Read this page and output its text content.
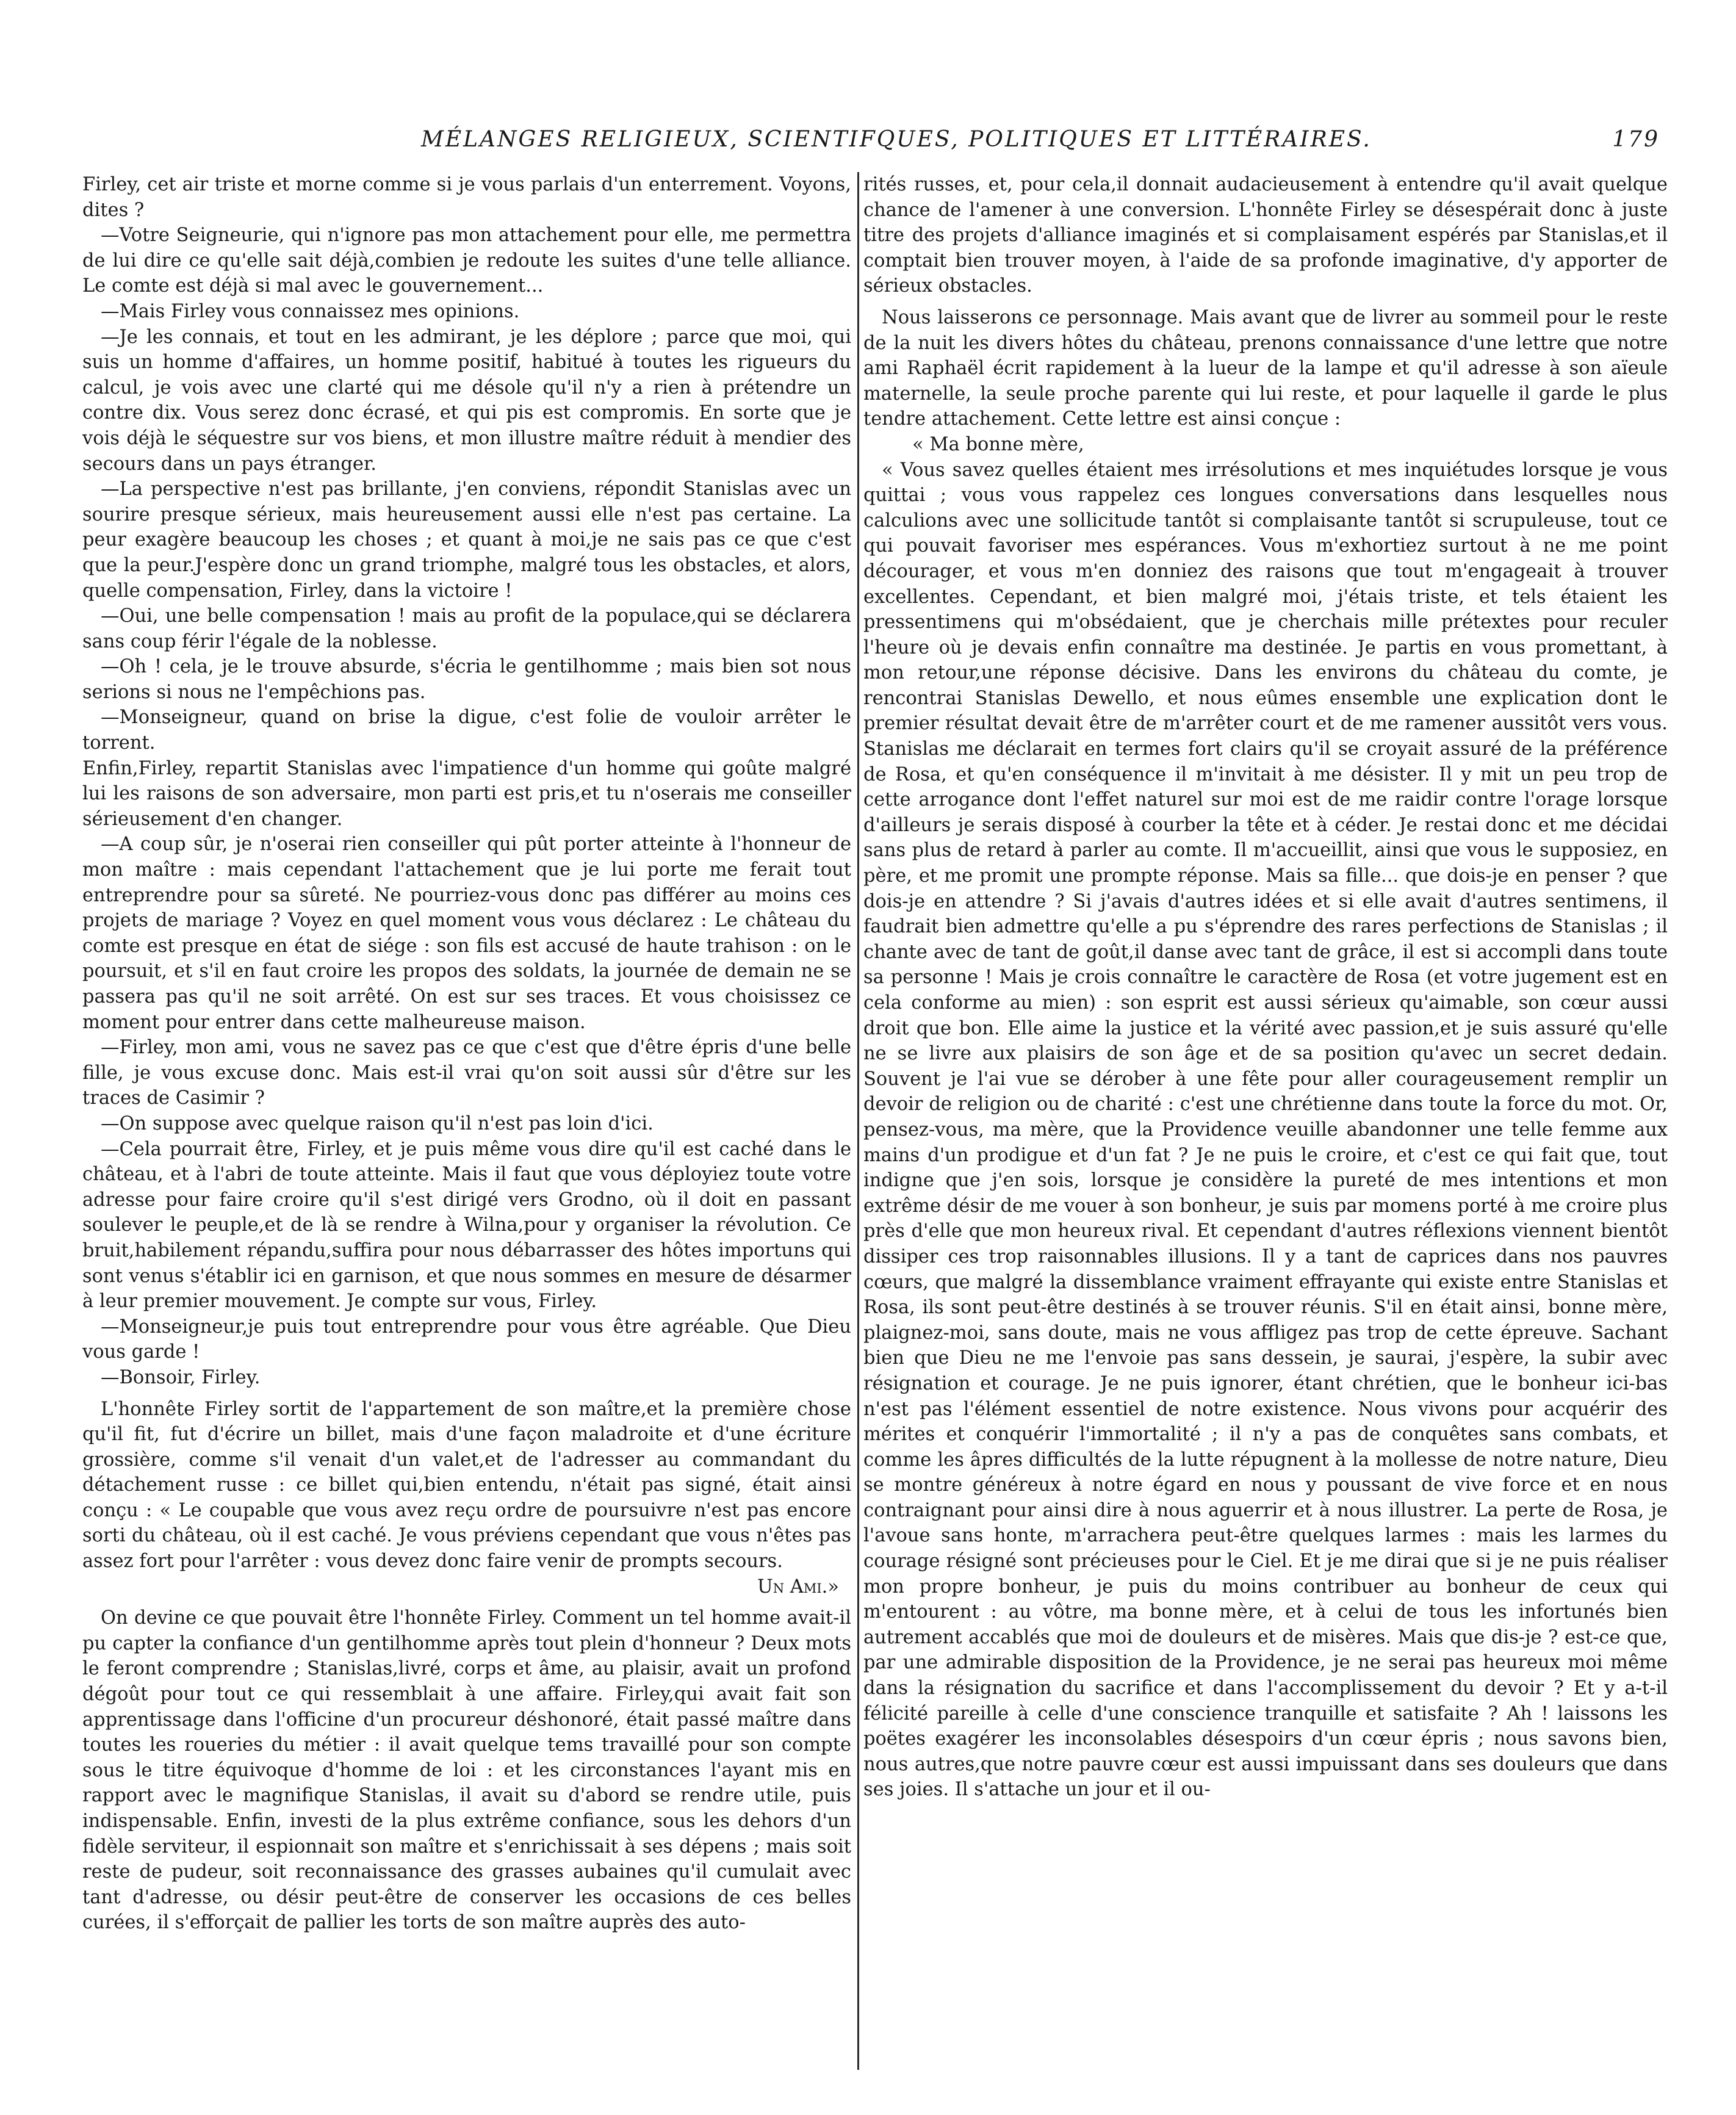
MÉLANGES RELIGIEUX, SCIENTIFQUES, POLITIQUES ET LITTÉRAIRES.	179

Firley, cet air triste et morne comme si je vous parlais d'un enterrement. Voyons, dites ?

—Votre Seigneurie, qui n'ignore pas mon attachement pour elle, me permettra de lui dire ce qu'elle sait déjà,combien je redoute les suites d'une telle alliance. Le comte est déjà si mal avec le gouvernement...

—Mais Firley vous connaissez mes opinions.

—Je les connais, et tout en les admirant, je les déplore ; parce que moi, qui suis un homme d'affaires, un homme positif, habitué à toutes les rigueurs du calcul, je vois avec une clarté qui me désole qu'il n'y a rien à prétendre un contre dix. Vous serez donc écrasé, et qui pis est compromis. En sorte que je vois déjà le séquestre sur vos biens, et mon illustre maître réduit à mendier des secours dans un pays étranger.

—La perspective n'est pas brillante, j'en conviens, répondit Stanislas avec un sourire presque sérieux, mais heureusement aussi elle n'est pas certaine. La peur exagère beaucoup les choses ; et quant à moi,je ne sais pas ce que c'est que la peur.J'espère donc un grand triomphe, malgré tous les obstacles, et alors, quelle compensation, Firley, dans la victoire !

—Oui, une belle compensation ! mais au profit de la populace,qui se déclarera sans coup férir l'égale de la noblesse.

—Oh ! cela, je le trouve absurde, s'écria le gentilhomme ; mais bien sot nous serions si nous ne l'empêchions pas.

—Monseigneur, quand on brise la digue, c'est folie de vouloir arrêter le torrent.

Enfin,Firley, repartit Stanislas avec l'impatience d'un homme qui goûte malgré lui les raisons de son adversaire, mon parti est pris,et tu n'oserais me conseiller sérieusement d'en changer.

—A coup sûr, je n'oserai rien conseiller qui pût porter atteinte à l'honneur de mon maître : mais cependant l'attachement que je lui porte me ferait tout entreprendre pour sa sûreté. Ne pourriez-vous donc pas différer au moins ces projets de mariage ? Voyez en quel moment vous vous déclarez : Le château du comte est presque en état de siége : son fils est accusé de haute trahison : on le poursuit, et s'il en faut croire les propos des soldats, la journée de demain ne se passera pas qu'il ne soit arrêté. On est sur ses traces. Et vous choisissez ce moment pour entrer dans cette malheureuse maison.

—Firley, mon ami, vous ne savez pas ce que c'est que d'être épris d'une belle fille, je vous excuse donc. Mais est-il vrai qu'on soit aussi sûr d'être sur les traces de Casimir ?

—On suppose avec quelque raison qu'il n'est pas loin d'ici.

—Cela pourrait être, Firley, et je puis même vous dire qu'il est caché dans le château, et à l'abri de toute atteinte. Mais il faut que vous déployiez toute votre adresse pour faire croire qu'il s'est dirigé vers Grodno, où il doit en passant soulever le peuple,et de là se rendre à Wilna,pour y organiser la révolution. Ce bruit,habilement répandu,suffira pour nous débarrasser des hôtes importuns qui sont venus s'établir ici en garnison, et que nous sommes en mesure de désarmer à leur premier mouvement. Je compte sur vous, Firley.

—Monseigneur,je puis tout entreprendre pour vous être agréable. Que Dieu vous garde !

—Bonsoir, Firley.

L'honnête Firley sortit de l'appartement de son maître,et la première chose qu'il fit, fut d'écrire un billet, mais d'une façon maladroite et d'une écriture grossière, comme s'il venait d'un valet,et de l'adresser au commandant du détachement russe : ce billet qui,bien entendu, n'était pas signé, était ainsi conçu : « Le coupable que vous avez reçu ordre de poursuivre n'est pas encore sorti du château, où il est caché. Je vous préviens cependant que vous n'êtes pas assez fort pour l'arrêter : vous devez donc faire venir de prompts secours.

Un Ami.»

On devine ce que pouvait être l'honnête Firley. Comment un tel homme avait-il pu capter la confiance d'un gentilhomme après tout plein d'honneur ? Deux mots le feront comprendre ; Stanislas,livré, corps et âme, au plaisir, avait un profond dégoût pour tout ce qui ressemblait à une affaire. Firley,qui avait fait son apprentissage dans l'officine d'un procureur déshonoré, était passé maître dans toutes les roueries du métier : il avait quelque tems travaillé pour son compte sous le titre équivoque d'homme de loi : et les circonstances l'ayant mis en rapport avec le magnifique Stanislas, il avait su d'abord se rendre utile, puis indispensable. Enfin, investi de la plus extrême confiance, sous les dehors d'un fidèle serviteur, il espionnait son maître et s'enrichissait à ses dépens ; mais soit reste de pudeur, soit reconnaissance des grasses aubaines qu'il cumulait avec tant d'adresse, ou désir peut-être de conserver les occasions de ces belles curées, il s'efforçait de pallier les torts de son maître auprès des auto-

rités russes, et, pour cela,il donnait audacieusement à entendre qu'il avait quelque chance de l'amener à une conversion. L'honnête Firley se désespérait donc à juste titre des projets d'alliance imaginés et si complaisament espérés par Stanislas,et il comptait bien trouver moyen, à l'aide de sa profonde imaginative, d'y apporter de sérieux obstacles.

Nous laisserons ce personnage. Mais avant que de livrer au sommeil pour le reste de la nuit les divers hôtes du château, prenons connaissance d'une lettre que notre ami Raphaël écrit rapidement à la lueur de la lampe et qu'il adresse à son aïeule maternelle, la seule proche parente qui lui reste, et pour laquelle il garde le plus tendre attachement. Cette lettre est ainsi conçue :

« Ma bonne mère,

« Vous savez quelles étaient mes irrésolutions et mes inquiétudes lorsque je vous quittai ; vous vous rappelez ces longues conversations dans lesquelles nous calculions avec une sollicitude tantôt si complaisante tantôt si scrupuleuse, tout ce qui pouvait favoriser mes espérances. Vous m'exhortiez surtout à ne me point décourager, et vous m'en donniez des raisons que tout m'engageait à trouver excellentes. Cependant, et bien malgré moi, j'étais triste, et tels étaient les pressentimens qui m'obsédaient, que je cherchais mille prétextes pour reculer l'heure où je devais enfin connaître ma destinée. Je partis en vous promettant, à mon retour,une réponse décisive. Dans les environs du château du comte, je rencontrai Stanislas Dewello, et nous eûmes ensemble une explication dont le premier résultat devait être de m'arrêter court et de me ramener aussitôt vers vous. Stanislas me déclarait en termes fort clairs qu'il se croyait assuré de la préférence de Rosa, et qu'en conséquence il m'invitait à me désister. Il y mit un peu trop de cette arrogance dont l'effet naturel sur moi est de me raidir contre l'orage lorsque d'ailleurs je serais disposé à courber la tête et à céder. Je restai donc et me décidai sans plus de retard à parler au comte. Il m'accueillit, ainsi que vous le supposiez, en père, et me promit une prompte réponse. Mais sa fille... que dois-je en penser ? que dois-je en attendre ? Si j'avais d'autres idées et si elle avait d'autres sentimens, il faudrait bien admettre qu'elle a pu s'éprendre des rares perfections de Stanislas ; il chante avec de tant de goût,il danse avec tant de grâce, il est si accompli dans toute sa personne ! Mais je crois connaître le caractère de Rosa (et votre jugement est en cela conforme au mien) : son esprit est aussi sérieux qu'aimable, son cœur aussi droit que bon. Elle aime la justice et la vérité avec passion,et je suis assuré qu'elle ne se livre aux plaisirs de son âge et de sa position qu'avec un secret dedain. Souvent je l'ai vue se dérober à une fête pour aller courageusement remplir un devoir de religion ou de charité : c'est une chrétienne dans toute la force du mot. Or, pensez-vous, ma mère, que la Providence veuille abandonner une telle femme aux mains d'un prodigue et d'un fat ? Je ne puis le croire, et c'est ce qui fait que, tout indigne que j'en sois, lorsque je considère la pureté de mes intentions et mon extrême désir de me vouer à son bonheur, je suis par momens porté à me croire plus près d'elle que mon heureux rival. Et cependant d'autres réflexions viennent bientôt dissiper ces trop raisonnables illusions. Il y a tant de caprices dans nos pauvres cœurs, que malgré la dissemblance vraiment effrayante qui existe entre Stanislas et Rosa, ils sont peut-être destinés à se trouver réunis. S'il en était ainsi, bonne mère, plaignez-moi, sans doute, mais ne vous affligez pas trop de cette épreuve. Sachant bien que Dieu ne me l'envoie pas sans dessein, je saurai, j'espère, la subir avec résignation et courage. Je ne puis ignorer, étant chrétien, que le bonheur ici-bas n'est pas l'élément essentiel de notre existence. Nous vivons pour acquérir des mérites et conquérir l'immortalité ; il n'y a pas de conquêtes sans combats, et comme les âpres difficultés de la lutte répugnent à la mollesse de notre nature, Dieu se montre généreux à notre égard en nous y poussant de vive force et en nous contraignant pour ainsi dire à nous aguerrir et à nous illustrer. La perte de Rosa, je l'avoue sans honte, m'arrachera peut-être quelques larmes : mais les larmes du courage résigné sont précieuses pour le Ciel. Et je me dirai que si je ne puis réaliser mon propre bonheur, je puis du moins contribuer au bonheur de ceux qui m'entourent : au vôtre, ma bonne mère, et à celui de tous les infortunés bien autrement accablés que moi de douleurs et de misères. Mais que dis-je ? est-ce que, par une admirable disposition de la Providence, je ne serai pas heureux moi même dans la résignation du sacrifice et dans l'accomplissement du devoir ? Et y a-t-il félicité pareille à celle d'une conscience tranquille et satisfaite ? Ah ! laissons les poëtes exagérer les inconsolables désespoirs d'un cœur épris ; nous savons bien, nous autres,que notre pauvre cœur est aussi impuissant dans ses douleurs que dans ses joies. Il s'attache un jour et il ou-
